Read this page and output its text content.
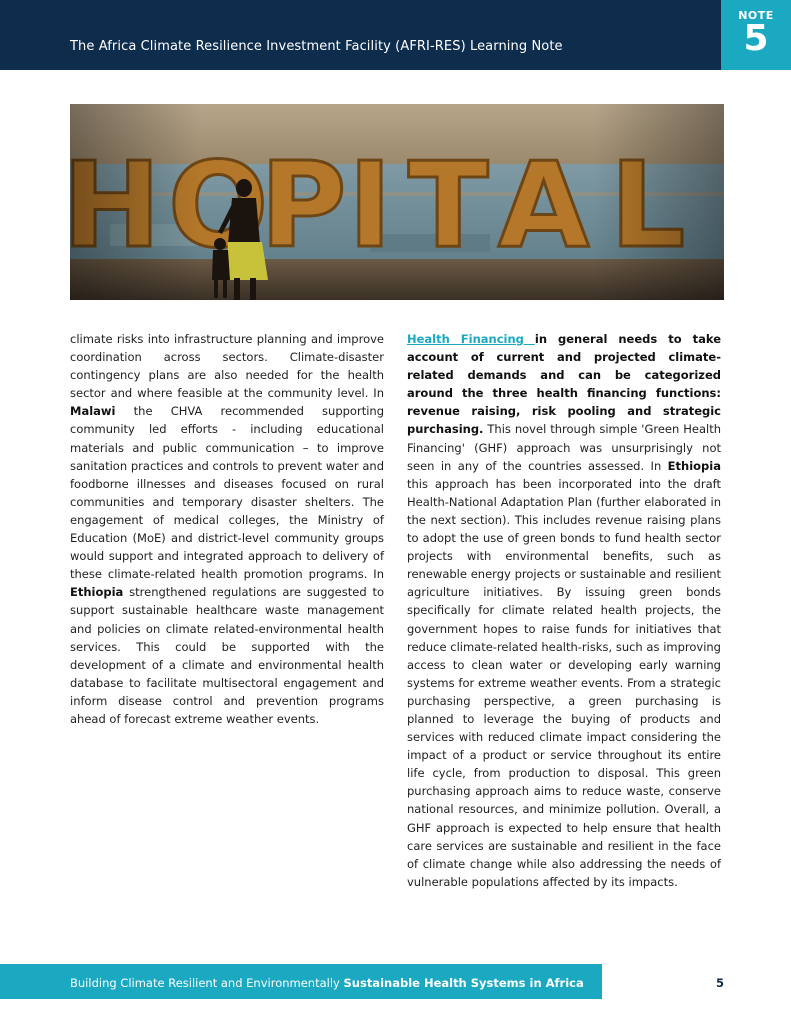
The Africa Climate Resilience Investment Facility (AFRI-RES) Learning Note
NOTE
5

climate risks into infrastructure planning and improve coordination across sectors. Climate-disaster contingency plans are also needed for the health sector and where feasible at the community level. In Malawi the CHVA recommended supporting community led efforts - including educational materials and public communication – to improve sanitation practices and controls to prevent water and foodborne illnesses and diseases focused on rural communities and temporary disaster shelters. The engagement of medical colleges, the Ministry of Education (MoE) and district-level community groups would support and integrated approach to delivery of these climate-related health promotion programs. In Ethiopia strengthened regulations are suggested to support sustainable healthcare waste management and policies on climate related-environmental health services. This could be supported with the development of a climate and environmental health database to facilitate multisectoral engagement and inform disease control and prevention programs ahead of forecast extreme weather events.

Health Financing in general needs to take account of current and projected climate-related demands and can be categorized around the three health financing functions: revenue raising, risk pooling and strategic purchasing. This novel through simple 'Green Health Financing' (GHF) approach was unsurprisingly not seen in any of the countries assessed. In Ethiopia this approach has been incorporated into the draft Health-National Adaptation Plan (further elaborated in the next section). This includes revenue raising plans to adopt the use of green bonds to fund health sector projects with environmental benefits, such as renewable energy projects or sustainable and resilient agriculture initiatives. By issuing green bonds specifically for climate related health projects, the government hopes to raise funds for initiatives that reduce climate-related health-risks, such as improving access to clean water or developing early warning systems for extreme weather events. From a strategic purchasing perspective, a green purchasing is planned to leverage the buying of products and services with reduced climate impact considering the impact of a product or service throughout its entire life cycle, from production to disposal. This green purchasing approach aims to reduce waste, conserve national resources, and minimize pollution. Overall, a GHF approach is expected to help ensure that health care services are sustainable and resilient in the face of climate change while also addressing the needs of vulnerable populations affected by its impacts.

Building Climate Resilient and Environmentally Sustainable Health Systems in Africa	5
